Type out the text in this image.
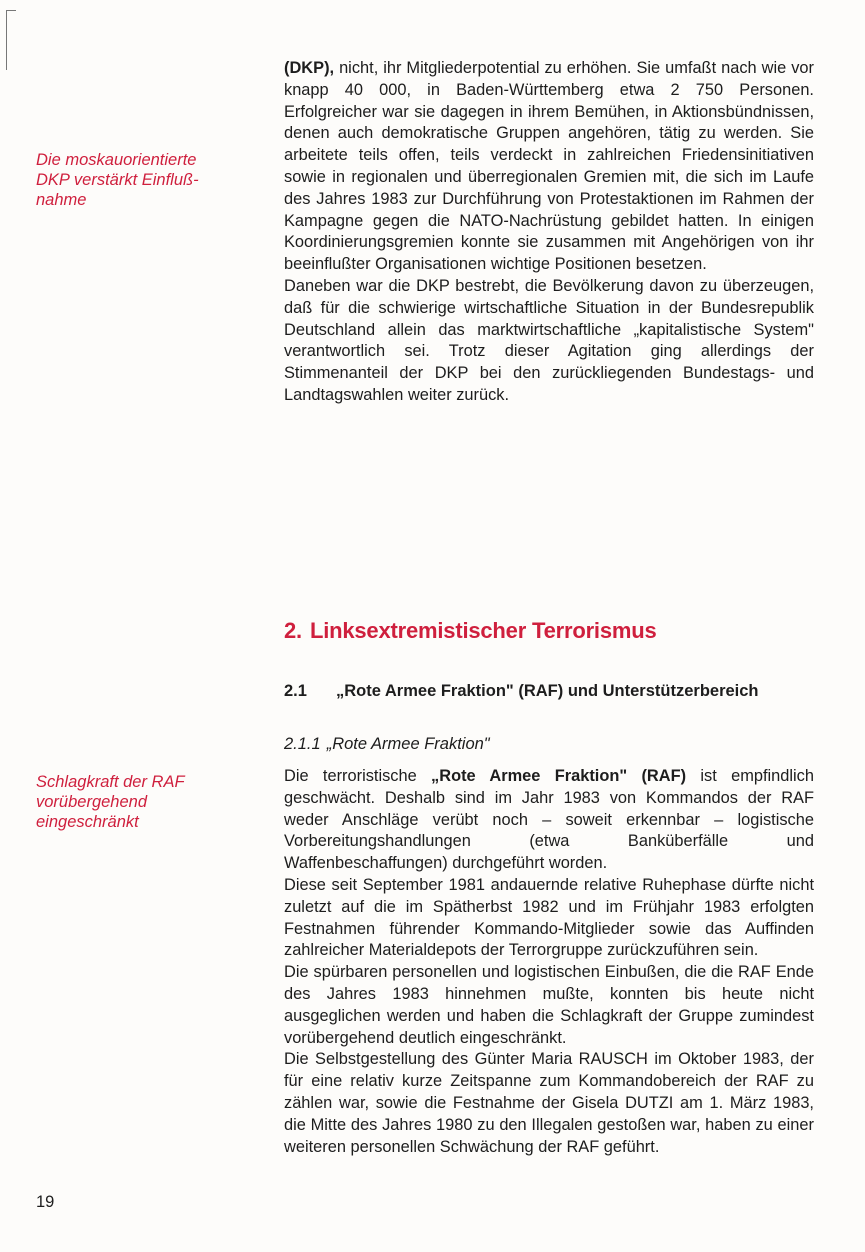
Die moskauorientierte
DKP verstärkt Einfluß-
nahme
Schlagkraft der RAF
vorübergehend
eingeschränkt

(DKP), nicht, ihr Mitgliederpotential zu erhöhen. Sie umfaßt nach wie vor knapp 40 000, in Baden-Württemberg etwa 2 750 Personen. Erfolgreicher war sie dagegen in ihrem Bemühen, in Aktionsbündnissen, denen auch demokratische Gruppen angehören, tätig zu werden. Sie arbeitete teils offen, teils verdeckt in zahlreichen Friedensinitiativen sowie in regionalen und überregionalen Gremien mit, die sich im Laufe des Jahres 1983 zur Durchführung von Protestaktionen im Rahmen der Kampagne gegen die NATO-Nachrüstung gebildet hatten. In einigen Koordinierungsgremien konnte sie zusammen mit Angehörigen von ihr beeinflußter Organisationen wichtige Positionen besetzen.

Daneben war die DKP bestrebt, die Bevölkerung davon zu überzeugen, daß für die schwierige wirtschaftliche Situation in der Bundesrepublik Deutschland allein das marktwirtschaftliche „kapitalistische System" verantwortlich sei. Trotz dieser Agitation ging allerdings der Stimmenanteil der DKP bei den zurückliegenden Bundestags- und Landtagswahlen weiter zurück.

2. Linksextremistischer Terrorismus
2.1	„Rote Armee Fraktion" (RAF) und Unterstützerbereich
2.1.1 „Rote Armee Fraktion"

Die terroristische „Rote Armee Fraktion" (RAF) ist empfindlich geschwächt. Deshalb sind im Jahr 1983 von Kommandos der RAF weder Anschläge verübt noch – soweit erkennbar – logistische Vorbereitungshandlungen (etwa Banküberfälle und Waffenbeschaffungen) durchgeführt worden.

Diese seit September 1981 andauernde relative Ruhephase dürfte nicht zuletzt auf die im Spätherbst 1982 und im Frühjahr 1983 erfolgten Festnahmen führender Kommando-Mitglieder sowie das Auffinden zahlreicher Materialdepots der Terrorgruppe zurückzuführen sein.

Die spürbaren personellen und logistischen Einbußen, die die RAF Ende des Jahres 1983 hinnehmen mußte, konnten bis heute nicht ausgeglichen werden und haben die Schlagkraft der Gruppe zumindest vorübergehend deutlich eingeschränkt.

Die Selbstgestellung des Günter Maria RAUSCH im Oktober 1983, der für eine relativ kurze Zeitspanne zum Kommandobereich der RAF zu zählen war, sowie die Festnahme der Gisela DUTZI am 1. März 1983, die Mitte des Jahres 1980 zu den Illegalen gestoßen war, haben zu einer weiteren personellen Schwächung der RAF geführt.

19
